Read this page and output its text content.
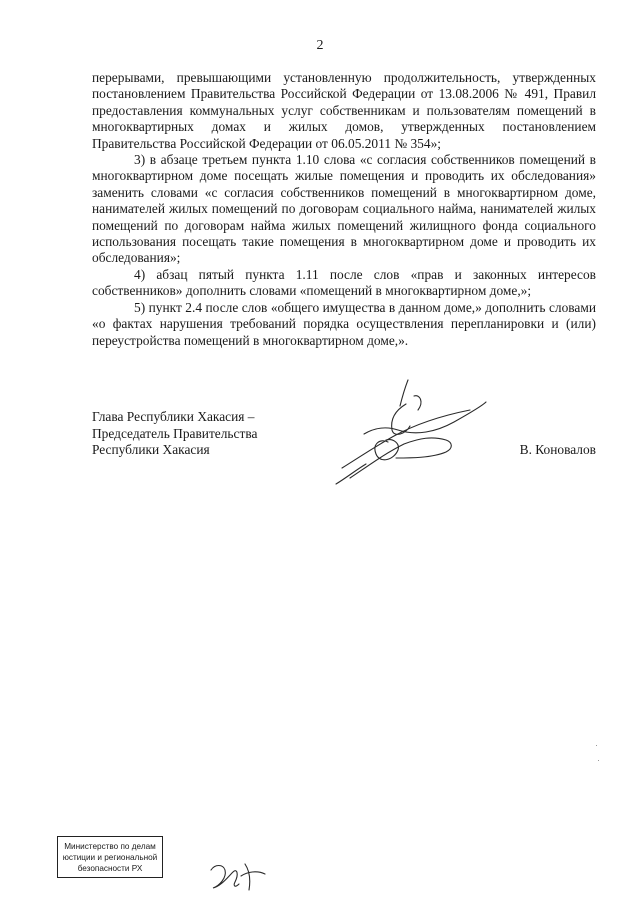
2

перерывами, превышающими установленную продолжительность, утвержденных постановлением Правительства Российской Федерации от 13.08.2006 № 491, Правил предоставления коммунальных услуг собственникам и пользователям помещений в многоквартирных домах и жилых домов, утвержденных постановлением Правительства Российской Федерации от 06.05.2011 № 354»;

3) в абзаце третьем пункта 1.10 слова «с согласия собственников помещений в многоквартирном доме посещать жилые помещения и проводить их обследования» заменить словами «с согласия собственников помещений в многоквартирном доме, нанимателей жилых помещений по договорам социального найма, нанимателей жилых помещений по договорам найма жилых помещений жилищного фонда социального использования посещать такие помещения в многоквартирном доме и проводить их обследования»;

4) абзац пятый пункта 1.11 после слов «прав и законных интересов собственников» дополнить словами «помещений в многоквартирном доме,»;

5) пункт 2.4 после слов «общего имущества в данном доме,» дополнить словами «о фактах нарушения требований порядка осуществления перепланировки и (или) переустройства помещений в многоквартирном доме,».

Глава Республики Хакасия –
Председатель Правительства
Республики Хакасия	В. Коновалов
Министерство по делам
юстиции и региональной
безопасности РХ
